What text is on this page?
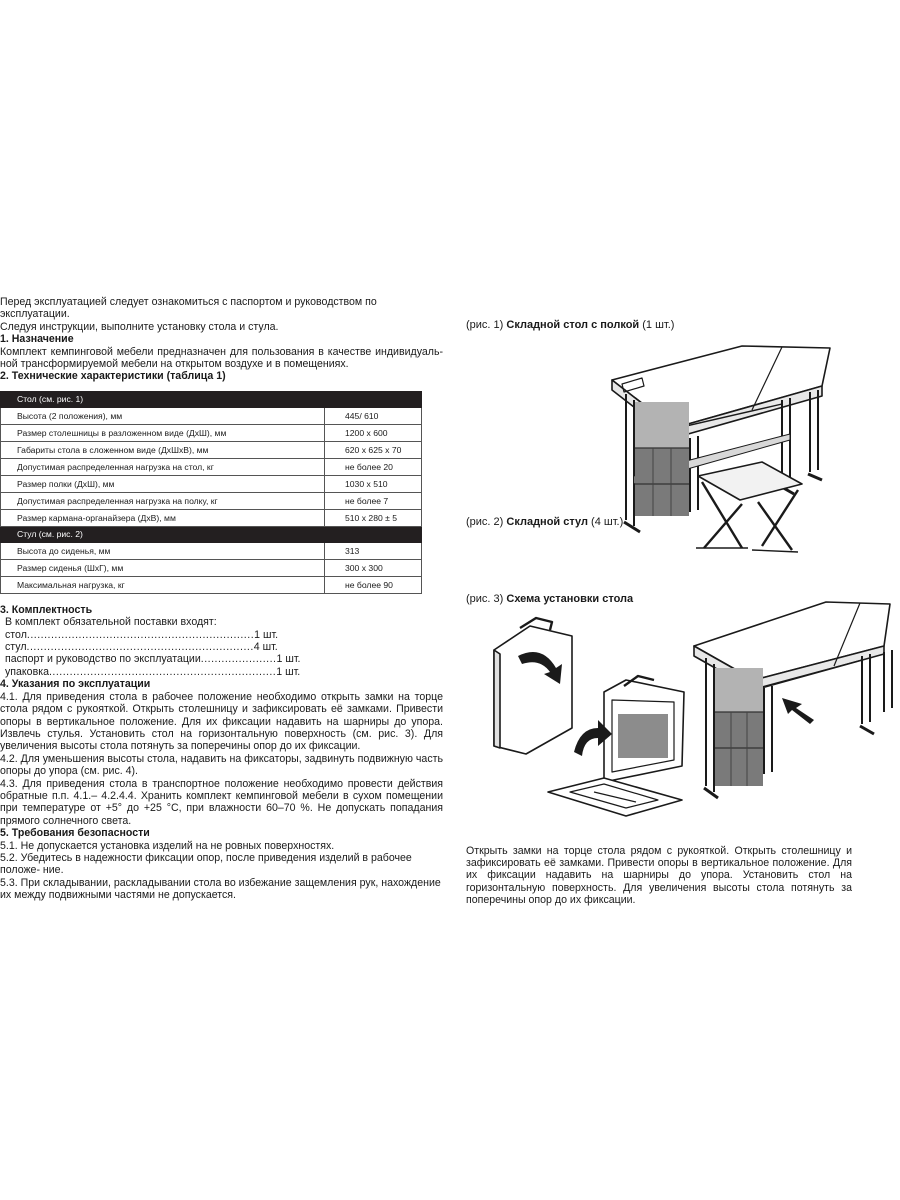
Перед эксплуатацией следует ознакомиться с паспортом и руководством по эксплуатации.

Следуя инструкции, выполните установку стола и стула.

1. Назначение

Комплект кемпинговой мебели предназначен для пользования в качестве индивидуаль- ной трансформируемой мебели на открытом воздухе и в помещениях.

2. Технические характеристики (таблица 1)

Стол (см. рис. 1)	
Высота (2 положения), мм	445/ 610
Размер столешницы в разложенном виде (ДхШ), мм	1200 х 600
Габариты стола в сложенном виде (ДхШхВ), мм	620 х 625 х 70
Допустимая распределенная нагрузка на стол, кг	не более 20
Размер полки (ДхШ), мм	1030 х 510
Допустимая распределенная нагрузка на полку, кг	не более 7
Размер кармана-органайзера (ДхВ), мм	510 х 280 ± 5
Стул (см. рис. 2)	
Высота до сиденья, мм	313
Размер сиденья (ШхГ), мм	300 х 300
Максимальная нагрузка, кг	не более 90

3. Комплектность

В комплект обязательной поставки входят:

стол .................................................................. 1 шт.
стул .................................................................. 4 шт.
паспорт и руководство по эксплуатации ...................... 1 шт.
упаковка .................................................................. 1 шт.

4. Указания по эксплуатации

4.1. Для приведения стола в рабочее положение необходимо открыть замки на торце стола рядом с рукояткой. Открыть столешницу и зафиксировать её замками. Привести опоры в вертикальное положение. Для их фиксации надавить на шарниры до упора. Извлечь стулья. Установить стол на горизонтальную поверхность (см. рис. 3). Для увеличения высоты стола потянуть за поперечины опор до их фиксации.

4.2. Для уменьшения высоты стола, надавить на фиксаторы, задвинуть подвижную часть опоры до упора (см. рис. 4).

4.3. Для приведения стола в транспортное положение необходимо провести действия обратные п.п. 4.1.– 4.2.4.4. Хранить комплект кемпинговой мебели в сухом помещении при температуре от +5° до +25 °С, при влажности 60–70 %. Не допускать попадания прямого солнечного света.

5. Требования безопасности

5.1. Не допускается установка изделий на не ровных поверхностях.

5.2. Убедитесь в надежности фиксации опор, после приведения изделий в рабочее положе- ние.

5.3. При складывании, раскладывании стола во избежание защемления рук, нахождение их между подвижными частями не допускается.

(рис. 1) Складной стол с полкой (1 шт.)
(рис. 2) Складной стул (4 шт.)
(рис. 3) Схема установки стола

Открыть замки на торце стола рядом с рукояткой. Открыть столешницу и зафиксировать её замками. Привести опоры в вертикальное положение. Для их фиксации надавить на шарниры до упора. Установить стол на горизонтальную поверхность. Для увеличения высоты стола потянуть за поперечины опор до их фиксации.
